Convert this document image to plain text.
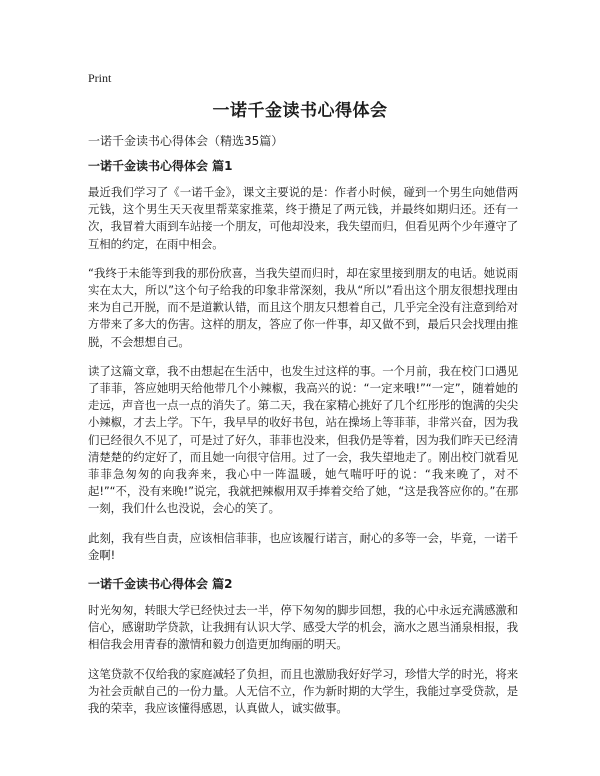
Print
一诺千金读书心得体会

一诺千金读书心得体会（精选35篇）

一诺千金读书心得体会 篇1

最近我们学习了《一诺千金》，课文主要说的是：作者小时候，碰到一个男生向她借两元钱，这个男生天天夜里帮菜家推菜，终于攒足了两元钱，并最终如期归还。还有一次，我冒着大雨到车站接一个朋友，可他却没来，我失望而归，但看见两个少年遵守了互相的约定，在雨中相会。

“我终于未能等到我的那份欣喜，当我失望而归时，却在家里接到朋友的电话。她说雨实在太大，所以”这个句子给我的印象非常深刻，我从“所以”看出这个朋友很想找理由来为自己开脱，而不是道歉认错，而且这个朋友只想着自己，几乎完全没有注意到给对方带来了多大的伤害。这样的朋友，答应了你一件事，却又做不到，最后只会找理由推脱，不会想想自己。

读了这篇文章，我不由想起在生活中，也发生过这样的事。一个月前，我在校门口遇见了菲菲，答应她明天给他带几个小辣椒，我高兴的说：“一定来哦!”“一定”，随着她的走远，声音也一点一点的消失了。第二天，我在家精心挑好了几个红彤彤的饱满的尖尖小辣椒，才去上学。下午，我早早的收好书包，站在操场上等菲菲，非常兴奋，因为我们已经很久不见了，可是过了好久，菲菲也没来，但我仍是等着，因为我们昨天已经清清楚楚的约定好了，而且她一向很守信用。过了一会，我失望地走了。刚出校门就看见菲菲急匆匆的向我奔来，我心中一阵温暖，她气喘吁吁的说：“我来晚了，对不起!”“不，没有来晚!”说完，我就把辣椒用双手捧着交给了她，“这是我答应你的。”在那一刻，我们什么也没说，会心的笑了。

此刻，我有些自责，应该相信菲菲，也应该履行诺言，耐心的多等一会，毕竟，一诺千金啊!

一诺千金读书心得体会 篇2

时光匆匆，转眼大学已经快过去一半，停下匆匆的脚步回想，我的心中永远充满感激和信心，感谢助学贷款，让我拥有认识大学、感受大学的机会，滴水之恩当涌泉相报，我相信我会用青春的激情和毅力创造更加绚丽的明天。

这笔贷款不仅给我的家庭减轻了负担，而且也激励我好好学习，珍惜大学的时光，将来为社会贡献自己的一份力量。人无信不立，作为新时期的大学生，我能过享受贷款，是我的荣幸，我应该懂得感恩，认真做人，诚实做事。
